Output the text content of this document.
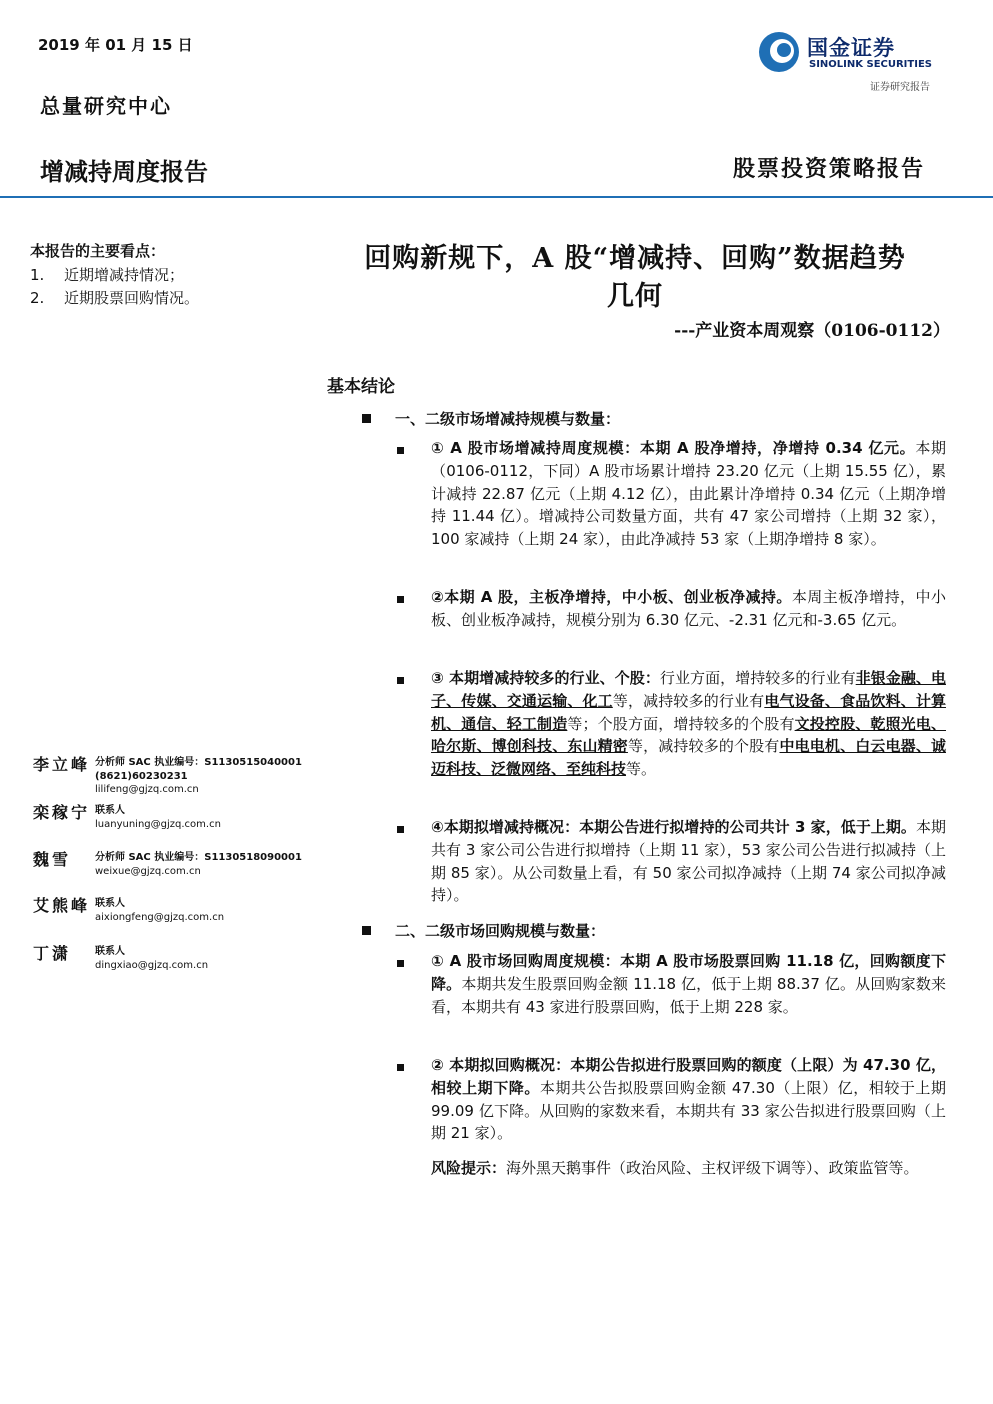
2019 年 01 月 15 日
总量研究中心
国金证券
SINOLINK SECURITIES
证券研究报告
增减持周度报告	股票投资策略报告
本报告的主要看点：
1. 近期增减持情况；
2. 近期股票回购情况。
回购新规下，A 股“增减持、回购”数据趋势
几何
---产业资本周观察（0106-0112）
基本结论
一、二级市场增减持规模与数量：
① A 股市场增减持周度规模：本期 A 股净增持，净增持 0.34 亿元。本期（0106-0112，下同）A 股市场累计增持 23.20 亿元（上期 15.55 亿），累计减持 22.87 亿元（上期 4.12 亿），由此累计净增持 0.34 亿元（上期净增持 11.44 亿）。增减持公司数量方面，共有 47 家公司增持（上期 32 家），100 家减持（上期 24 家），由此净减持 53 家（上期净增持 8 家）。
②本期 A 股，主板净增持，中小板、创业板净减持。本周主板净增持，中小板、创业板净减持，规模分别为 6.30 亿元、-2.31 亿元和-3.65 亿元。
③ 本期增减持较多的行业、个股：行业方面，增持较多的行业有非银金融、电子、传媒、交通运输、化工等，减持较多的行业有电气设备、食品饮料、计算机、通信、轻工制造等；个股方面，增持较多的个股有文投控股、乾照光电、哈尔斯、博创科技、东山精密等，减持较多的个股有中电电机、白云电器、诚迈科技、泛微网络、至纯科技等。
④本期拟增减持概况：本期公告进行拟增持的公司共计 3 家，低于上期。本期共有 3 家公司公告进行拟增持（上期 11 家），53 家公司公告进行拟减持（上期 85 家）。从公司数量上看，有 50 家公司拟净减持（上期 74 家公司拟净减持）。
二、二级市场回购规模与数量：
① A 股市场回购周度规模：本期 A 股市场股票回购 11.18 亿，回购额度下降。本期共发生股票回购金额 11.18 亿，低于上期 88.37 亿。从回购家数来看，本期共有 43 家进行股票回购，低于上期 228 家。
② 本期拟回购概况：本期公告拟进行股票回购的额度（上限）为 47.30 亿，相较上期下降。本期共公告拟股票回购金额 47.30（上限）亿，相较于上期 99.09 亿下降。从回购的家数来看，本期共有 33 家公告拟进行股票回购（上期 21 家）。
风险提示：海外黑天鹅事件（政治风险、主权评级下调等）、政策监管等。
李立峰 分析师 SAC 执业编号：S1130515040001
(8621)60230231
lilifeng@gjzq.com.cn
栾稼宁 联系人
luanyuning@gjzq.com.cn
魏雪 分析师 SAC 执业编号：S1130518090001
weixue@gjzq.com.cn
艾熊峰 联系人
aixiongfeng@gjzq.com.cn
丁潇 联系人
dingxiao@gjzq.com.cn
